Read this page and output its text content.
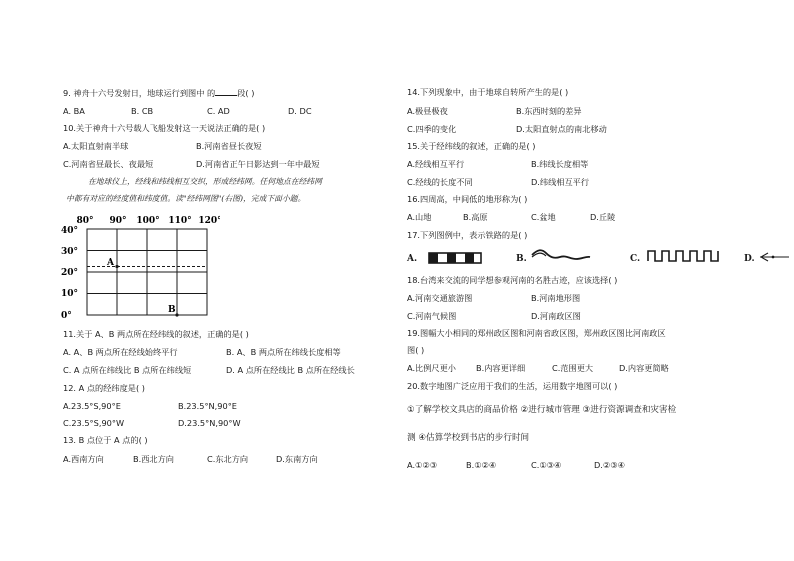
9. 神舟十六号发射日，地球运行到图中 的	段( )
A. BA	B. CB	C. AD	D. DC
10.关于神舟十六号载人飞船发射这一天说法正确的是( )
A.太阳直射南半球	B.河南省昼长夜短
C.河南省昼最长、夜最短	D.河南省正午日影达到一年中最短
在地球仪上，经线和纬线相互交织，形成经纬网。任何地点在经纬网
中都有对应的经度值和纬度值。读"经纬网图"(右图)，完成下面小题。
80° 90° 100° 110° 120°
40°
30°
20°
10°
0°
A
B
11.关于 A、B 两点所在经纬线的叙述，正确的是( )
A. A、B 两点所在经线始终平行	B. A、B 两点所在纬线长度相等
C. A 点所在纬线比 B 点所在纬线短	D. A 点所在经线比 B 点所在经线长
12. A 点的经纬度是( )
A.23.5°S,90°E	B.23.5°N,90°E
C.23.5°S,90°W	D.23.5°N,90°W
13. B 点位于 A 点的( )
A.西南方向	B.西北方向	C.东北方向	D.东南方向
14.下列现象中，由于地球自转所产生的是( )
A.极昼极夜	B.东西时刻的差异
C.四季的变化	D.太阳直射点的南北移动
15.关于经纬线的叙述，正确的是( )
A.经线相互平行	B.纬线长度相等
C.经线的长度不同	D.纬线相互平行
16.四周高，中间低的地形称为( )
A.山地	B.高原	C.盆地	D.丘陵
17.下列图例中，表示铁路的是( )
A.	B.	C.	D.
18.台湾来交流的同学想参观河南的名胜古迹，应该选择( )
A.河南交通旅游图	B.河南地形图
C.河南气候图	D.河南政区图
19.图幅大小相同的郑州政区图和河南省政区图，郑州政区图比河南政区
图( )
A.比例尺更小 B.内容更详细	C.范围更大	D.内容更简略
20.数字地图广泛应用于我们的生活，运用数字地图可以( )
①了解学校文具店的商品价格 ②进行城市管理 ③进行资源调查和灾害检
测 ④估算学校到书店的步行时间
A.①②③	B.①②④	C.①③④	D.②③④
